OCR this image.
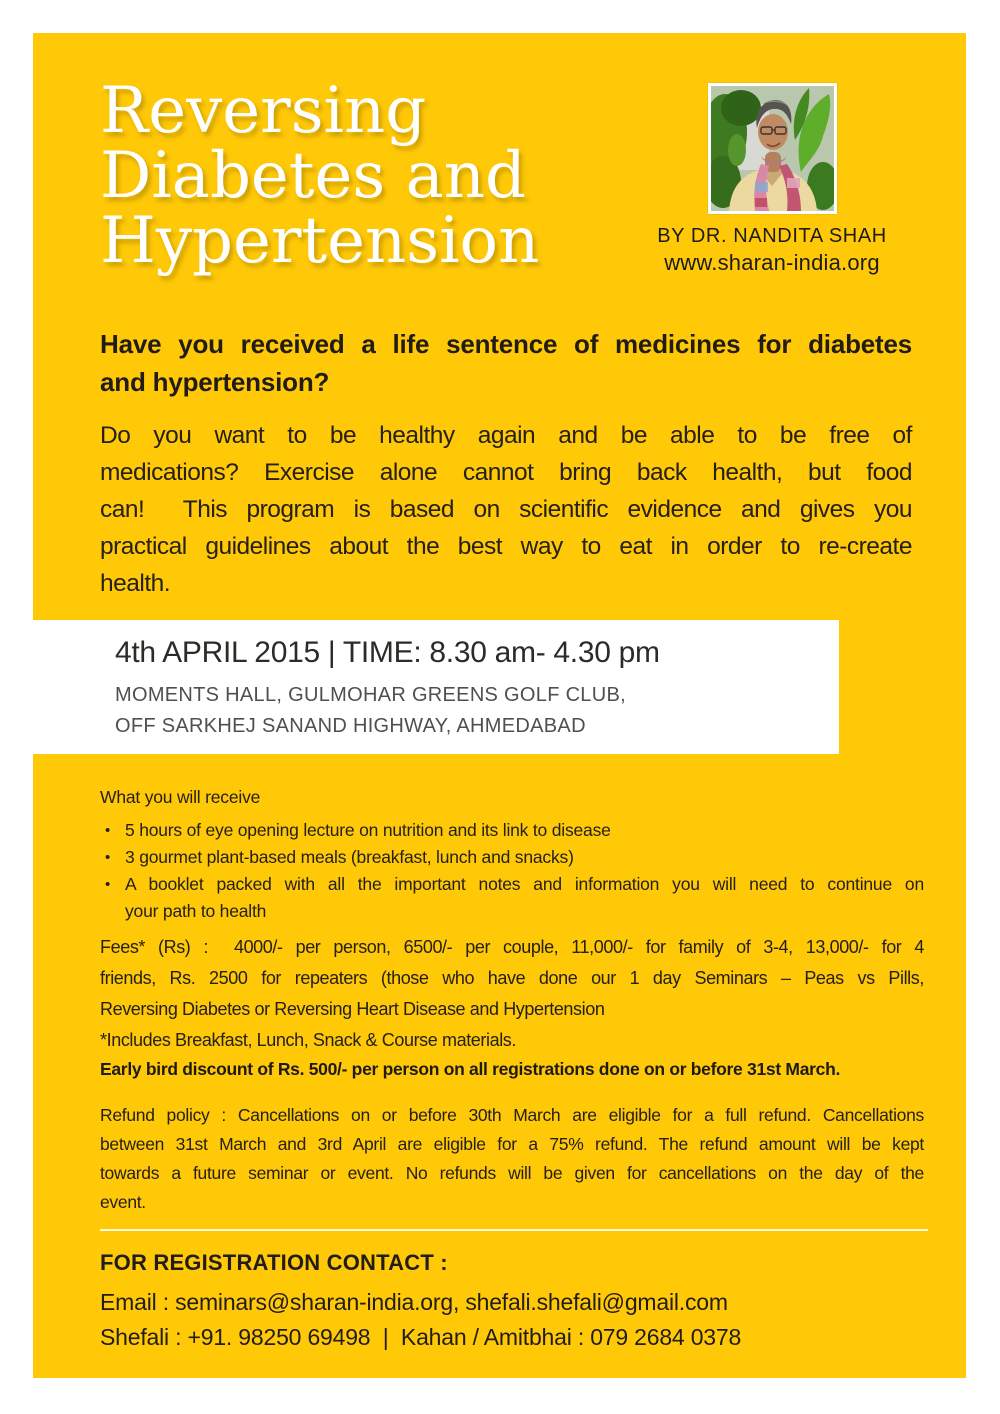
Reversing
Diabetes and
Hypertension	BY DR. NANDITA SHAH
www.sharan-india.org
Have you received a life sentence of medicines for diabetes
and hypertension?
Do you want to be healthy again and be able to be free of
medications? Exercise alone cannot bring back health, but food
can!  This program is based on scientific evidence and gives you
practical guidelines about the best way to eat in order to re-create
health.
4th APRIL 2015 | TIME: 8.30 am- 4.30 pm
MOMENTS HALL, GULMOHAR GREENS GOLF CLUB,
OFF SARKHEJ SANAND HIGHWAY, AHMEDABAD
What you will receive
• 5 hours of eye opening lecture on nutrition and its link to disease
• 3 gourmet plant-based meals (breakfast, lunch and snacks)
• A booklet packed with all the important notes and information you will need to continue on
your path to health
Fees* (Rs) :  4000/- per person, 6500/- per couple, 11,000/- for family of 3-4, 13,000/- for 4
friends, Rs. 2500 for repeaters (those who have done our 1 day Seminars – Peas vs Pills,
Reversing Diabetes or Reversing Heart Disease and Hypertension
*Includes Breakfast, Lunch, Snack & Course materials.
Early bird discount of Rs. 500/- per person on all registrations done on or before 31st March.
Refund policy : Cancellations on or before 30th March are eligible for a full refund. Cancellations
between 31st March and 3rd April are eligible for a 75% refund. The refund amount will be kept
towards a future seminar or event. No refunds will be given for cancellations on the day of the
event.
FOR REGISTRATION CONTACT :
Email : seminars@sharan-india.org, shefali.shefali@gmail.com
Shefali : +91. 98250 69498  |  Kahan / Amitbhai : 079 2684 0378
